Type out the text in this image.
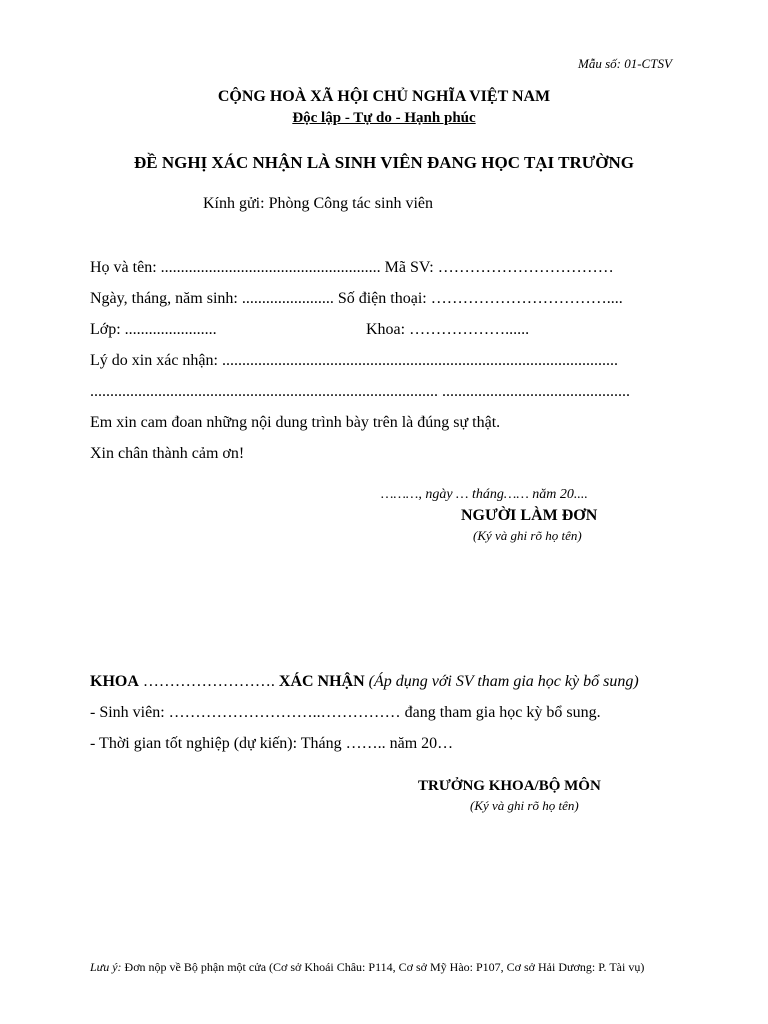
Mẫu số: 01-CTSV
CỘNG HOÀ XÃ HỘI CHỦ NGHĨA VIỆT NAM
Độc lập - Tự do - Hạnh phúc
ĐỀ NGHỊ XÁC NHẬN LÀ SINH VIÊN ĐANG HỌC TẠI TRƯỜNG
Kính gửi: Phòng Công tác sinh viên
Họ và tên: ....................................................... Mã SV: ……………………………
Ngày, tháng, năm sinh: ....................... Số điện thoại: ……………………………....
Lớp: .......................	Khoa: ………………......
Lý do xin xác nhận: ...................................................................................................
....................................................................................... ...............................................
Em xin cam đoan những nội dung trình bày trên là đúng sự thật.
Xin chân thành cảm ơn!
………, ngày … tháng…… năm 20....
NGƯỜI LÀM ĐƠN
(Ký và ghi rõ họ tên)
KHOA ……………………. XÁC NHẬN (Áp dụng với SV tham gia học kỳ bổ sung)
- Sinh viên: ………………………..…………… đang tham gia học kỳ bổ sung.
- Thời gian tốt nghiệp (dự kiến): Tháng …….. năm 20…
TRƯỞNG KHOA/BỘ MÔN
(Ký và ghi rõ họ tên)
Lưu ý: Đơn nộp về Bộ phận một cửa (Cơ sở Khoái Châu: P114, Cơ sở Mỹ Hào: P107, Cơ sở Hải Dương: P. Tài vụ)
